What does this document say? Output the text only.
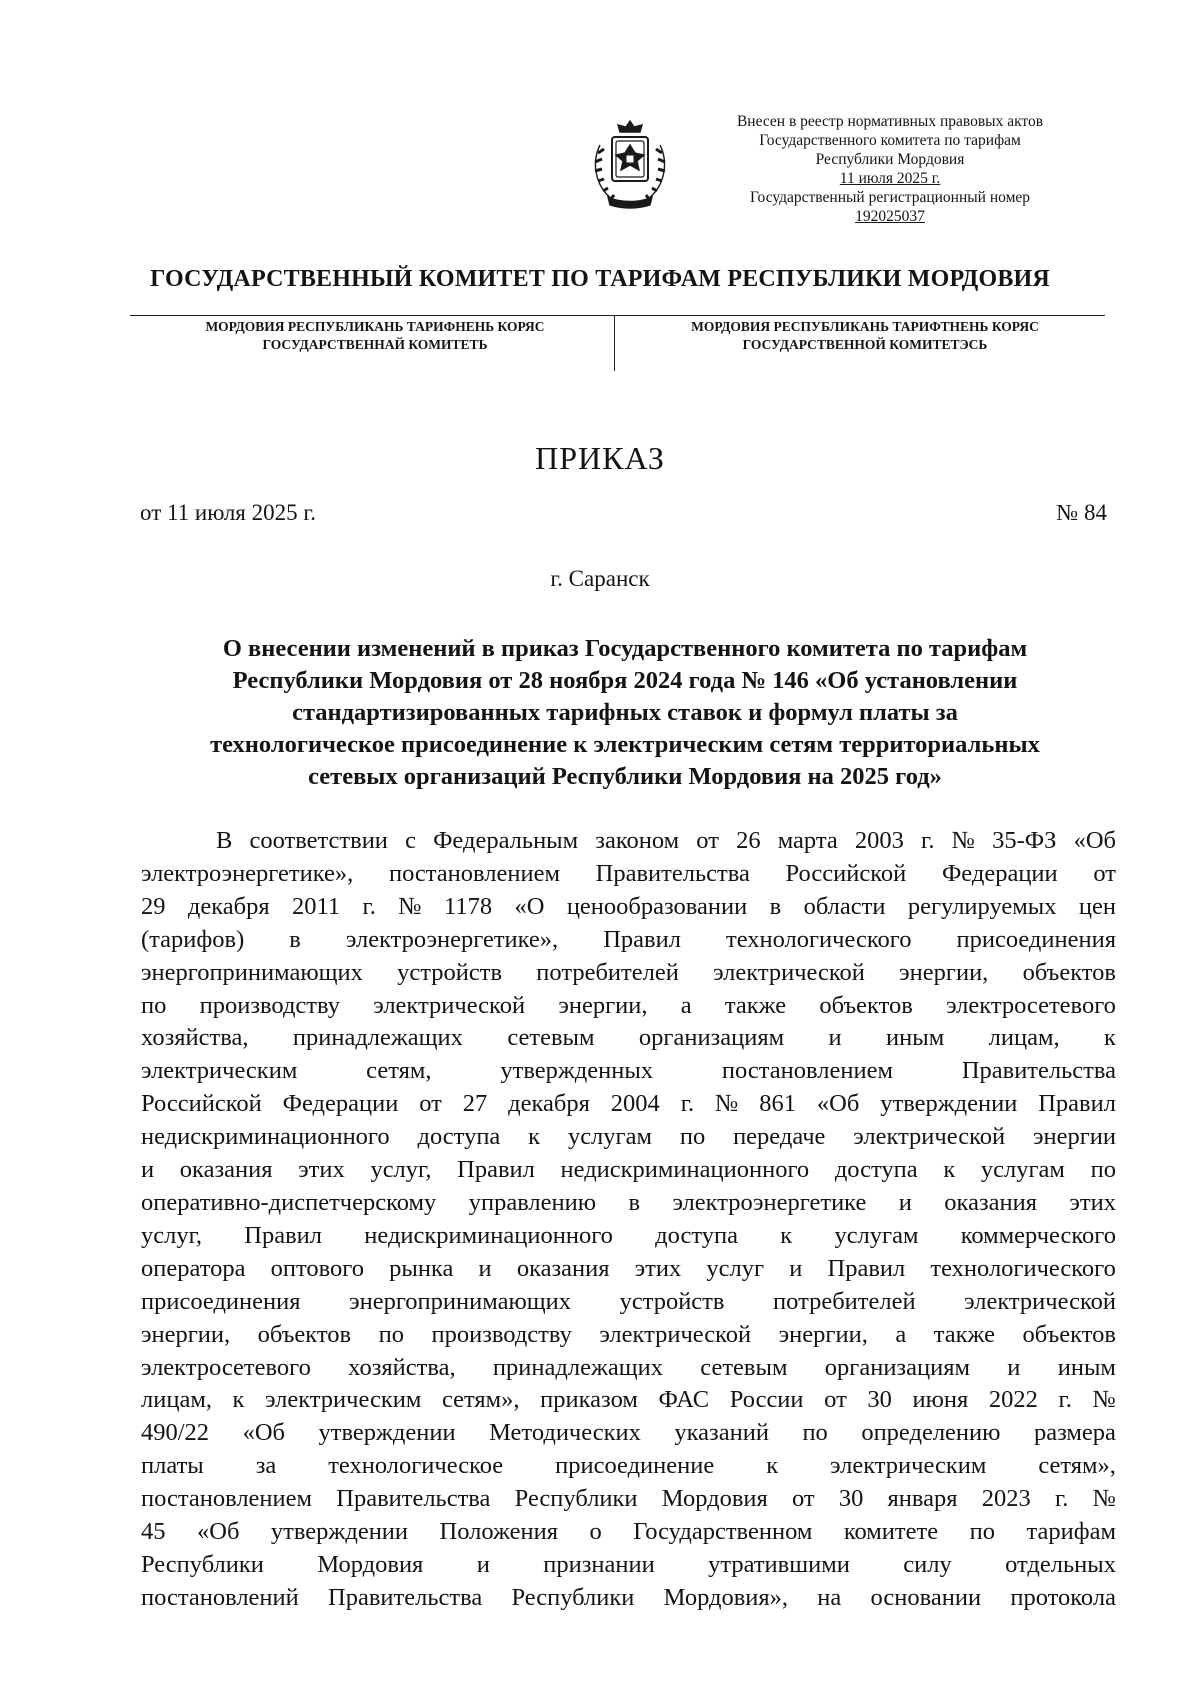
Внесен в реестр нормативных правовых актов
Государственного комитета по тарифам
Республики Мордовия
11 июля 2025 г.
Государственный регистрационный номер
192025037
ГОСУДАРСТВЕННЫЙ КОМИТЕТ ПО ТАРИФАМ РЕСПУБЛИКИ МОРДОВИЯ
МОРДОВИЯ РЕСПУБЛИКАНЬ ТАРИФНЕНЬ КОРЯС
ГОСУДАРСТВЕННАЙ КОМИТЕТЬ
МОРДОВИЯ РЕСПУБЛИКАНЬ ТАРИФТНЕНЬ КОРЯС
ГОСУДАРСТВЕННОЙ КОМИТЕТЭСЬ
ПРИКАЗ
от 11 июля 2025 г.	№ 84
г. Саранск
О внесении изменений в приказ Государственного комитета по тарифам
Республики Мордовия от 28 ноября 2024 года № 146 «Об установлении
стандартизированных тарифных ставок и формул платы за
технологическое присоединение к электрическим сетям территориальных
сетевых организаций Республики Мордовия на 2025 год»
В соответствии с Федеральным законом от 26 марта 2003 г. № 35-ФЗ «Об
электроэнергетике», постановлением Правительства Российской Федерации от
29 декабря 2011 г. № 1178 «О ценообразовании в области регулируемых цен
(тарифов) в электроэнергетике», Правил технологического присоединения
энергопринимающих устройств потребителей электрической энергии, объектов
по производству электрической энергии, а также объектов электросетевого
хозяйства, принадлежащих сетевым организациям и иным лицам, к
электрическим	сетям,	утвержденных	постановлением	Правительства
Российской Федерации от 27 декабря 2004 г. № 861 «Об утверждении Правил
недискриминационного доступа к услугам по передаче электрической энергии
и оказания этих услуг, Правил недискриминационного доступа к услугам по
оперативно-диспетчерскому управлению в электроэнергетике и оказания этих
услуг, Правил недискриминационного доступа к услугам коммерческого
оператора оптового рынка и оказания этих услуг и Правил технологического
присоединения энергопринимающих устройств потребителей электрической
энергии, объектов по производству электрической энергии, а также объектов
электросетевого хозяйства, принадлежащих сетевым организациям и иным
лицам, к электрическим сетям», приказом ФАС России от 30 июня 2022 г. №
490/22 «Об утверждении Методических указаний по определению размера
платы за технологическое присоединение к электрическим сетям»,
постановлением Правительства Республики Мордовия от 30 января 2023 г. №
45 «Об утверждении Положения о Государственном комитете по тарифам
Республики Мордовия и признании утратившими силу отдельных
постановлений Правительства Республики Мордовия», на основании протокола
